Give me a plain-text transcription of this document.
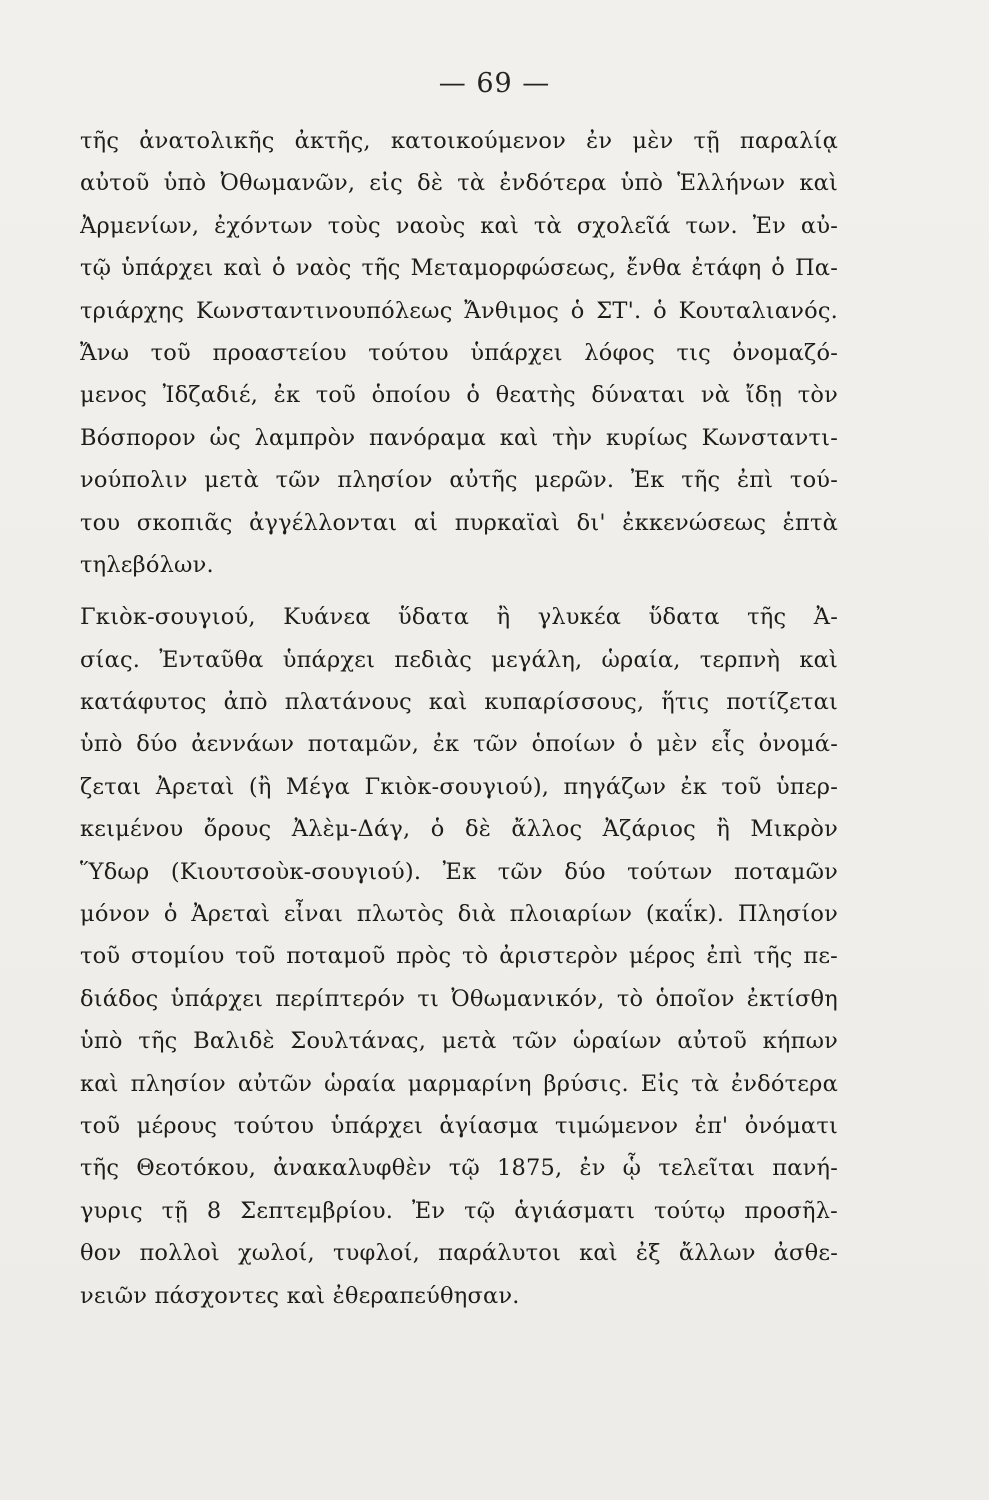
— 69 —
τῆς ἀνατολικῆς ἀκτῆς, κατοικούμενον ἐν μὲν τῇ παραλίᾳ
αὐτοῦ ὑπὸ Ὀθωμανῶν, εἰς δὲ τὰ ἐνδότερα ὑπὸ Ἑλλήνων καὶ
Ἀρμενίων, ἐχόντων τοὺς ναοὺς καὶ τὰ σχολεῖά των. Ἐν αὐ-
τῷ ὑπάρχει καὶ ὁ ναὸς τῆς Μεταμορφώσεως, ἔνθα ἐτάφη ὁ Πα-
τριάρχης Κωνσταντινουπόλεως Ἄνθιμος ὁ ΣΤ'. ὁ Κουταλιανός.
Ἄνω τοῦ προαστείου τούτου ὑπάρχει λόφος τις ὀνομαζό-
μενος Ἰδζαδιέ, ἐκ τοῦ ὁποίου ὁ θεατὴς δύναται νὰ ἴδῃ τὸν
Βόσπορον ὡς λαμπρὸν πανόραμα καὶ τὴν κυρίως Κωνσταντι-
νούπολιν μετὰ τῶν πλησίον αὐτῆς μερῶν. Ἐκ τῆς ἐπὶ τού-
του σκοπιᾶς ἀγγέλλονται αἱ πυρκαϊαὶ δι' ἐκκενώσεως ἑπτὰ
τηλεβόλων.
Γκιὸκ-σουγιού, Κυάνεα ὕδατα ἢ γλυκέα ὕδατα τῆς Ἀ-
σίας. Ἐνταῦθα ὑπάρχει πεδιὰς μεγάλη, ὡραία, τερπνὴ καὶ
κατάφυτος ἀπὸ πλατάνους καὶ κυπαρίσσους, ἥτις ποτίζεται
ὑπὸ δύο ἀεννάων ποταμῶν, ἐκ τῶν ὁποίων ὁ μὲν εἷς ὀνομά-
ζεται Ἀρεταὶ (ἢ Μέγα Γκιὸκ-σουγιού), πηγάζων ἐκ τοῦ ὑπερ-
κειμένου ὄρους Ἀλὲμ-Δάγ, ὁ δὲ ἄλλος Ἀζάριος ἢ Μικρὸν
Ὕδωρ (Κιουτσοὺκ-σουγιού). Ἐκ τῶν δύο τούτων ποταμῶν
μόνον ὁ Ἀρεταὶ εἶναι πλωτὸς διὰ πλοιαρίων (καΐκ). Πλησίον
τοῦ στομίου τοῦ ποταμοῦ πρὸς τὸ ἀριστερὸν μέρος ἐπὶ τῆς πε-
διάδος ὑπάρχει περίπτερόν τι Ὀθωμανικόν, τὸ ὁποῖον ἐκτίσθη
ὑπὸ τῆς Βαλιδὲ Σουλτάνας, μετὰ τῶν ὡραίων αὐτοῦ κήπων
καὶ πλησίον αὐτῶν ὡραία μαρμαρίνη βρύσις. Εἰς τὰ ἐνδότερα
τοῦ μέρους τούτου ὑπάρχει ἁγίασμα τιμώμενον ἐπ' ὀνόματι
τῆς Θεοτόκου, ἀνακαλυφθὲν τῷ 1875, ἐν ᾧ τελεῖται πανή-
γυρις τῇ 8 Σεπτεμβρίου. Ἐν τῷ ἁγιάσματι τούτῳ προσῆλ-
θον πολλοὶ χωλοί, τυφλοί, παράλυτοι καὶ ἐξ ἄλλων ἀσθε-
νειῶν πάσχοντες καὶ ἐθεραπεύθησαν.
